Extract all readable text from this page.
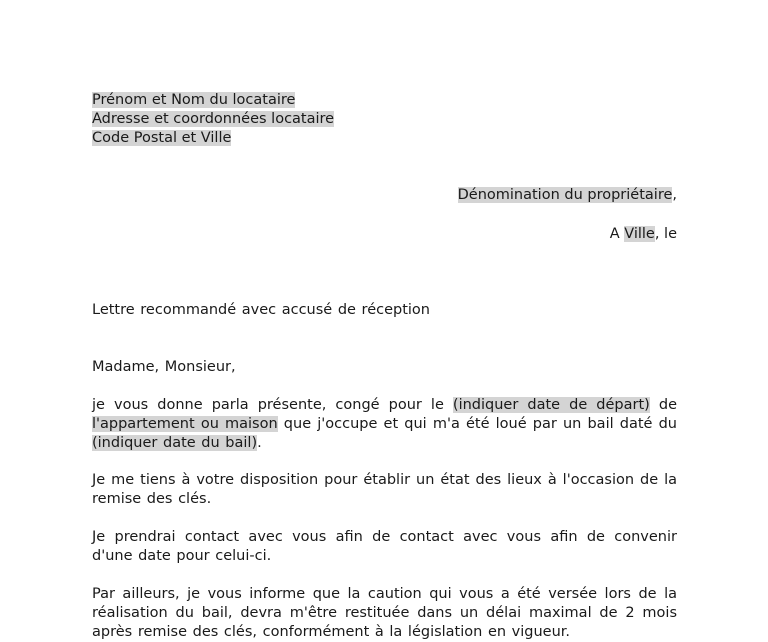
Prénom et Nom du locataire
Adresse et coordonnées locataire
Code Postal et Ville
Dénomination du propriétaire,
A Ville, le
Lettre recommandé avec accusé de réception
Madame, Monsieur,
je vous donne parla présente, congé pour le (indiquer date de départ) de l'appartement ou maison que j'occupe et qui m'a été loué par un bail daté du (indiquer date du bail).
Je me tiens à votre disposition pour établir un état des lieux à l'occasion de la remise des clés.
Je prendrai contact avec vous afin de contact avec vous afin de convenir d'une date pour celui-ci.
Par ailleurs, je vous informe que la caution qui vous a été versée lors de la réalisation du bail, devra m'être restituée dans un délai maximal de 2 mois après remise des clés, conformément à la législation en vigueur.
